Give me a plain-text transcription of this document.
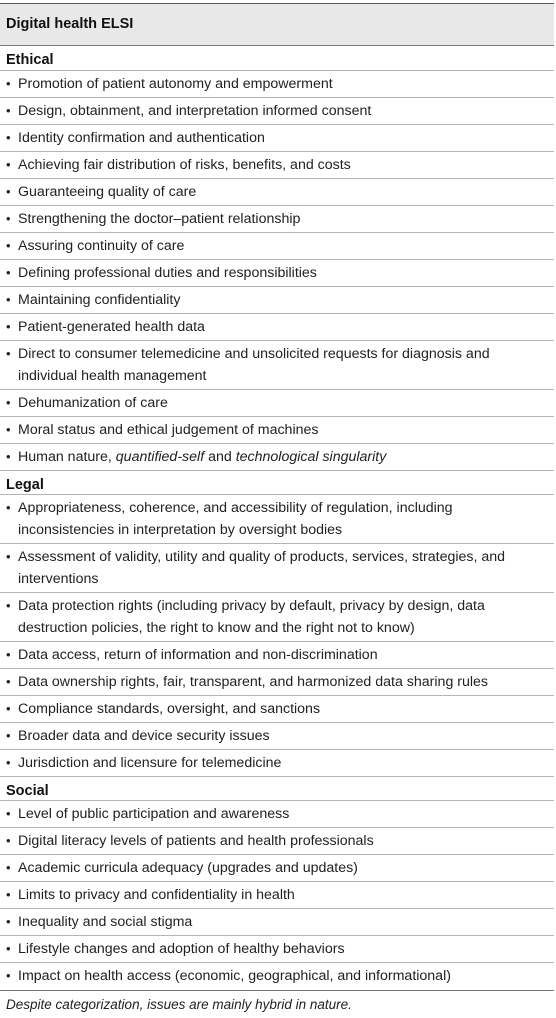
Digital health ELSI
Ethical
• Promotion of patient autonomy and empowerment
• Design, obtainment, and interpretation informed consent
• Identity confirmation and authentication
• Achieving fair distribution of risks, benefits, and costs
• Guaranteeing quality of care
• Strengthening the doctor–patient relationship
• Assuring continuity of care
• Defining professional duties and responsibilities
• Maintaining confidentiality
• Patient-generated health data
• Direct to consumer telemedicine and unsolicited requests for diagnosis and individual health management
• Dehumanization of care
• Moral status and ethical judgement of machines
• Human nature, quantified-self and technological singularity
Legal
• Appropriateness, coherence, and accessibility of regulation, including inconsistencies in interpretation by oversight bodies
• Assessment of validity, utility and quality of products, services, strategies, and interventions
• Data protection rights (including privacy by default, privacy by design, data destruction policies, the right to know and the right not to know)
• Data access, return of information and non-discrimination
• Data ownership rights, fair, transparent, and harmonized data sharing rules
• Compliance standards, oversight, and sanctions
• Broader data and device security issues
• Jurisdiction and licensure for telemedicine
Social
• Level of public participation and awareness
• Digital literacy levels of patients and health professionals
• Academic curricula adequacy (upgrades and updates)
• Limits to privacy and confidentiality in health
• Inequality and social stigma
• Lifestyle changes and adoption of healthy behaviors
• Impact on health access (economic, geographical, and informational)
Despite categorization, issues are mainly hybrid in nature.
